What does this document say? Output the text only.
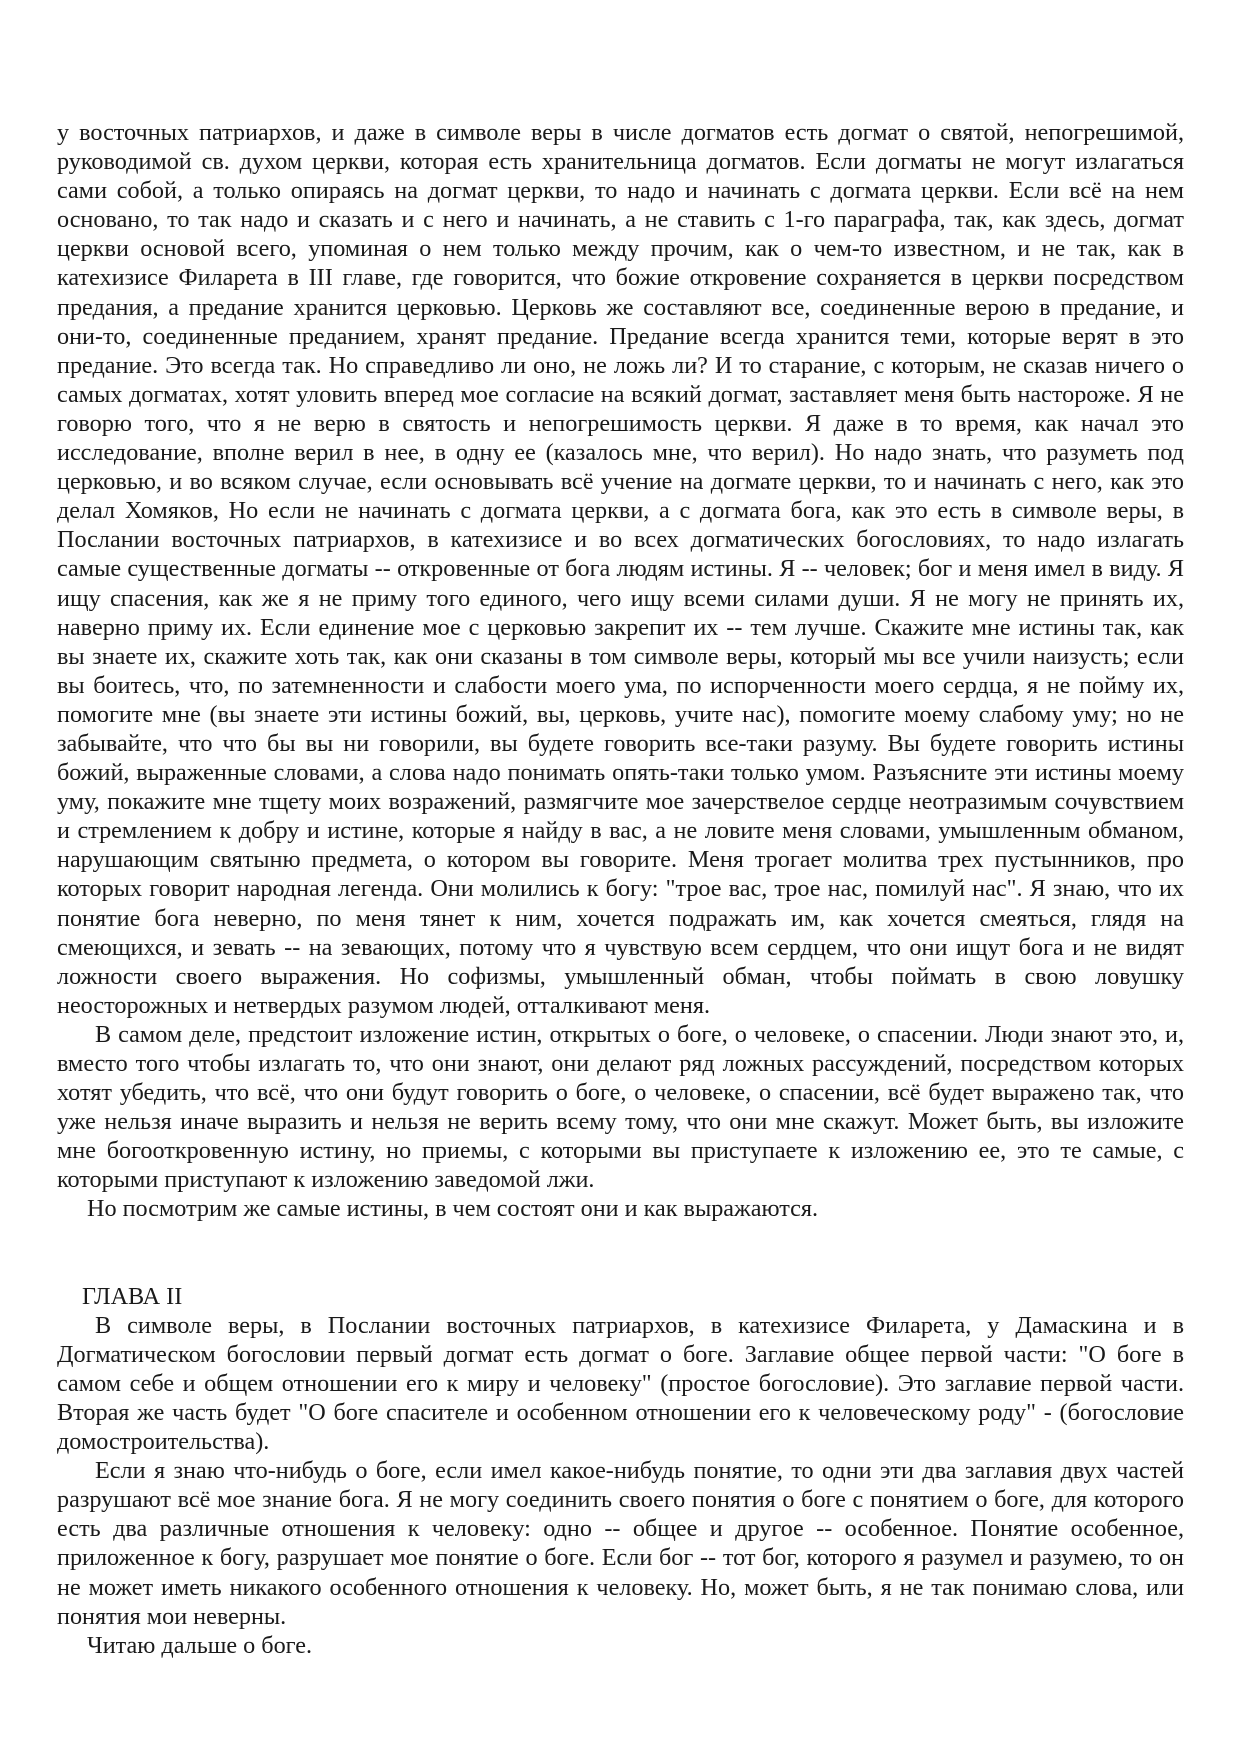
у восточных патриархов, и даже в символе веры в числе догматов есть догмат о святой, непогрешимой, руководимой св. духом церкви, которая есть хранительница догматов. Если догматы не могут излагаться сами собой, а только опираясь на догмат церкви, то надо и начинать с догмата церкви. Если всё на нем основано, то так надо и сказать и с него и начинать, а не ставить с 1-го параграфа, так, как здесь, догмат церкви основой всего, упоминая о нем только между прочим, как о чем-то известном, и не так, как в катехизисе Филарета в III главе, где говорится, что божие откровение сохраняется в церкви посредством предания, а предание хранится церковью. Церковь же составляют все, соединенные верою в предание, и они-то, соединенные преданием, хранят предание. Предание всегда хранится теми, которые верят в это предание. Это всегда так. Но справедливо ли оно, не ложь ли? И то старание, с которым, не сказав ничего о самых догматах, хотят уловить вперед мое согласие на всякий догмат, заставляет меня быть настороже. Я не говорю того, что я не верю в святость и непогрешимость церкви. Я даже в то время, как начал это исследование, вполне верил в нее, в одну ее (казалось мне, что верил). Но надо знать, что разуметь под церковью, и во всяком случае, если основывать всё учение на догмате церкви, то и начинать с него, как это делал Хомяков, Но если не начинать с догмата церкви, а с догмата бога, как это есть в символе веры, в Послании восточных патриархов, в катехизисе и во всех догматических богословиях, то надо излагать самые существенные догматы -- откровенные от бога людям истины. Я -- человек; бог и меня имел в виду. Я ищу спасения, как же я не приму того единого, чего ищу всеми силами души. Я не могу не принять их, наверно приму их. Если единение мое с церковью закрепит их -- тем лучше. Скажите мне истины так, как вы знаете их, скажите хоть так, как они сказаны в том символе веры, который мы все учили наизусть; если вы боитесь, что, по затемненности и слабости моего ума, по испорченности моего сердца, я не пойму их, помогите мне (вы знаете эти истины божий, вы, церковь, учите нас), помогите моему слабому уму; но не забывайте, что что бы вы ни говорили, вы будете говорить все-таки разуму. Вы будете говорить истины божий, выраженные словами, а слова надо понимать опять-таки только умом. Разъясните эти истины моему уму, покажите мне тщету моих возражений, размягчите мое зачерствелое сердце неотразимым сочувствием и стремлением к добру и истине, которые я найду в вас, а не ловите меня словами, умышленным обманом, нарушающим святыню предмета, о котором вы говорите. Меня трогает молитва трех пустынников, про которых говорит народная легенда. Они молились к богу: "трое вас, трое нас, помилуй нас". Я знаю, что их понятие бога неверно, по меня тянет к ним, хочется подражать им, как хочется смеяться, глядя на смеющихся, и зевать -- на зевающих, потому что я чувствую всем сердцем, что они ищут бога и не видят ложности своего выражения. Но софизмы, умышленный обман, чтобы поймать в свою ловушку неосторожных и нетвердых разумом людей, отталкивают меня.

В самом деле, предстоит изложение истин, открытых о боге, о человеке, о спасении. Люди знают это, и, вместо того чтобы излагать то, что они знают, они делают ряд ложных рассуждений, посредством которых хотят убедить, что всё, что они будут говорить о боге, о человеке, о спасении, всё будет выражено так, что уже нельзя иначе выразить и нельзя не верить всему тому, что они мне скажут. Может быть, вы изложите мне богооткровенную истину, но приемы, с которыми вы приступаете к изложению ее, это те самые, с которыми приступают к изложению заведомой лжи.

Но посмотрим же самые истины, в чем состоят они и как выражаются.

ГЛАВА II

В символе веры, в Послании восточных патриархов, в катехизисе Филарета, у Дамаскина и в Догматическом богословии первый догмат есть догмат о боге. Заглавие общее первой части: "О боге в самом себе и общем отношении его к миру и человеку" (простое богословие). Это заглавие первой части. Вторая же часть будет "О боге спасителе и особенном отношении его к человеческому роду" - (богословие домостроительства).

Если я знаю что-нибудь о боге, если имел какое-нибудь понятие, то одни эти два заглавия двух частей разрушают всё мое знание бога. Я не могу соединить своего понятия о боге с понятием о боге, для которого есть два различные отношения к человеку: одно -- общее и другое -- особенное. Понятие особенное, приложенное к богу, разрушает мое понятие о боге. Если бог -- тот бог, которого я разумел и разумею, то он не может иметь никакого особенного отношения к человеку. Но, может быть, я не так понимаю слова, или понятия мои неверны.

Читаю дальше о боге.
